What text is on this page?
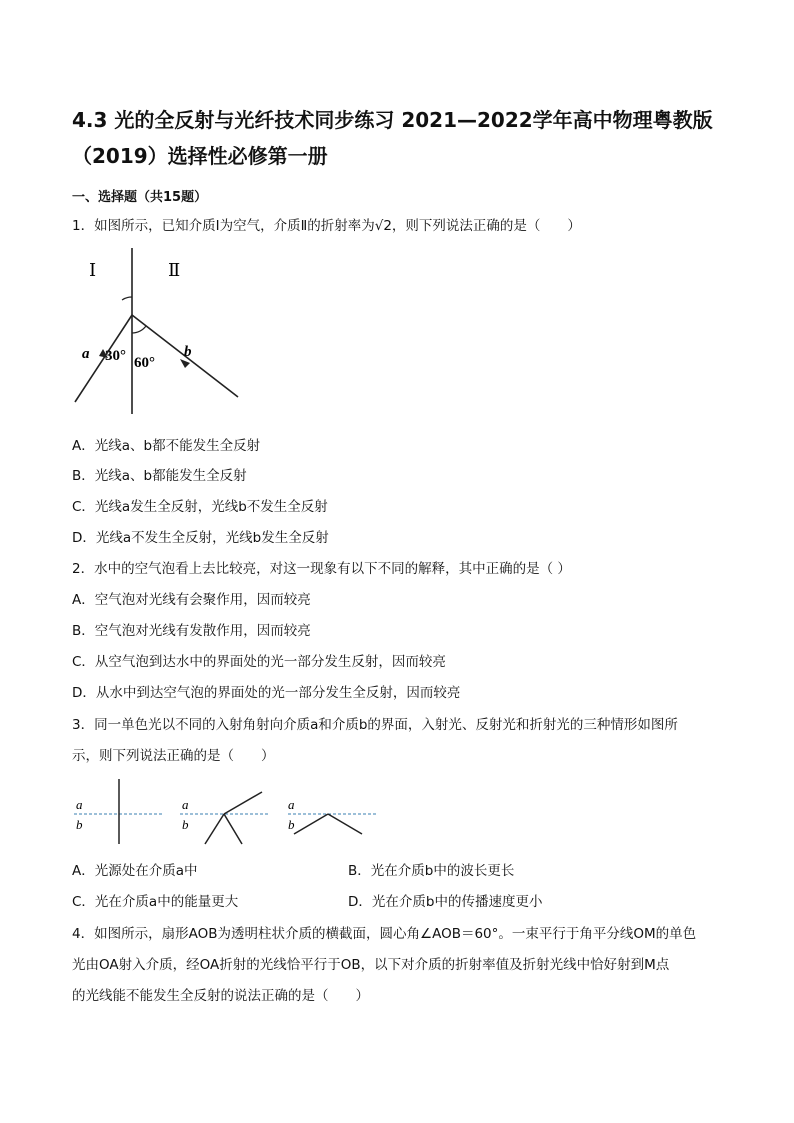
4.3 光的全反射与光纤技术同步练习 2021—2022学年高中物理粤教版
（2019）选择性必修第一册
一、选择题（共15题）
1．如图所示，已知介质Ⅰ为空气，介质Ⅱ的折射率为√2，则下列说法正确的是（　　）
Ⅰ	Ⅱ
a	b
30° 60°
A．光线a、b都不能发生全反射
B．光线a、b都能发生全反射
C．光线a发生全反射，光线b不发生全反射
D．光线a不发生全反射，光线b发生全反射
2．水中的空气泡看上去比较亮，对这一现象有以下不同的解释，其中正确的是（ ）
A．空气泡对光线有会聚作用，因而较亮
B．空气泡对光线有发散作用，因而较亮
C．从空气泡到达水中的界面处的光一部分发生反射，因而较亮
D．从水中到达空气泡的界面处的光一部分发生全反射，因而较亮
3．同一单色光以不同的入射角射向介质a和介质b的界面，入射光、反射光和折射光的三种情形如图所
示，则下列说法正确的是（　　）
a
b
a
b
a
b
A．光源处在介质a中	B．光在介质b中的波长更长
C．光在介质a中的能量更大	D．光在介质b中的传播速度更小
4．如图所示，扇形AOB为透明柱状介质的横截面，圆心角∠AOB＝60°。一束平行于角平分线OM的单色
光由OA射入介质，经OA折射的光线恰平行于OB，以下对介质的折射率值及折射光线中恰好射到M点
的光线能不能发生全反射的说法正确的是（　　）
